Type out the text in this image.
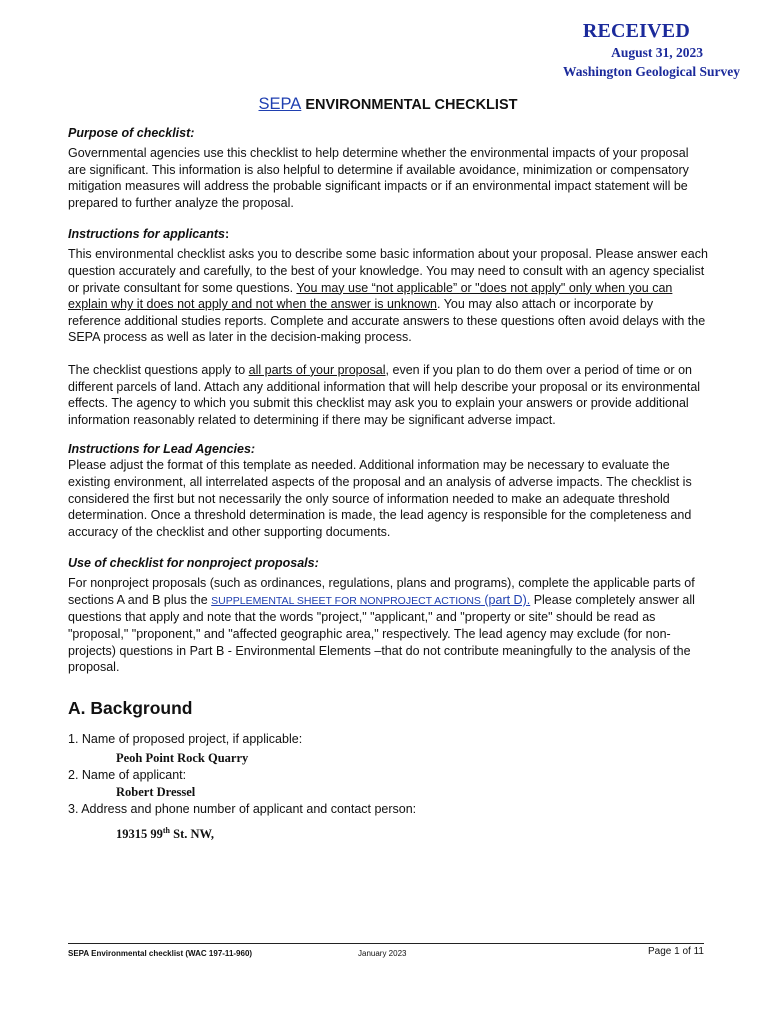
RECEIVED
August 31, 2023
Washington Geological Survey
SEPA ENVIRONMENTAL CHECKLIST
Purpose of checklist:

Governmental agencies use this checklist to help determine whether the environmental impacts of your proposal are significant. This information is also helpful to determine if available avoidance, minimization or compensatory mitigation measures will address the probable significant impacts or if an environmental impact statement will be prepared to further analyze the proposal.

Instructions for applicants:

This environmental checklist asks you to describe some basic information about your proposal. Please answer each question accurately and carefully, to the best of your knowledge. You may need to consult with an agency specialist or private consultant for some questions. You may use “not applicable” or "does not apply" only when you can explain why it does not apply and not when the answer is unknown. You may also attach or incorporate by reference additional studies reports. Complete and accurate answers to these questions often avoid delays with the SEPA process as well as later in the decision-making process.

The checklist questions apply to all parts of your proposal, even if you plan to do them over a period of time or on different parcels of land. Attach any additional information that will help describe your proposal or its environmental effects. The agency to which you submit this checklist may ask you to explain your answers or provide additional information reasonably related to determining if there may be significant adverse impact.

Instructions for Lead Agencies:

Please adjust the format of this template as needed. Additional information may be necessary to evaluate the existing environment, all interrelated aspects of the proposal and an analysis of adverse impacts. The checklist is considered the first but not necessarily the only source of information needed to make an adequate threshold determination. Once a threshold determination is made, the lead agency is responsible for the completeness and accuracy of the checklist and other supporting documents.

Use of checklist for nonproject proposals:

For nonproject proposals (such as ordinances, regulations, plans and programs), complete the applicable parts of sections A and B plus the SUPPLEMENTAL SHEET FOR NONPROJECT ACTIONS (part D). Please completely answer all questions that apply and note that the words "project," "applicant," and "property or site" should be read as "proposal," "proponent," and "affected geographic area," respectively. The lead agency may exclude (for non-projects) questions in Part B - Environmental Elements –that do not contribute meaningfully to the analysis of the proposal.

A. Background
1. Name of proposed project, if applicable:
Peoh Point Rock Quarry
2. Name of applicant:
Robert Dressel
3. Address and phone number of applicant and contact person:
19315 99th St. NW,
SEPA Environmental checklist (WAC 197-11-960)	January 2023	Page 1 of 11
